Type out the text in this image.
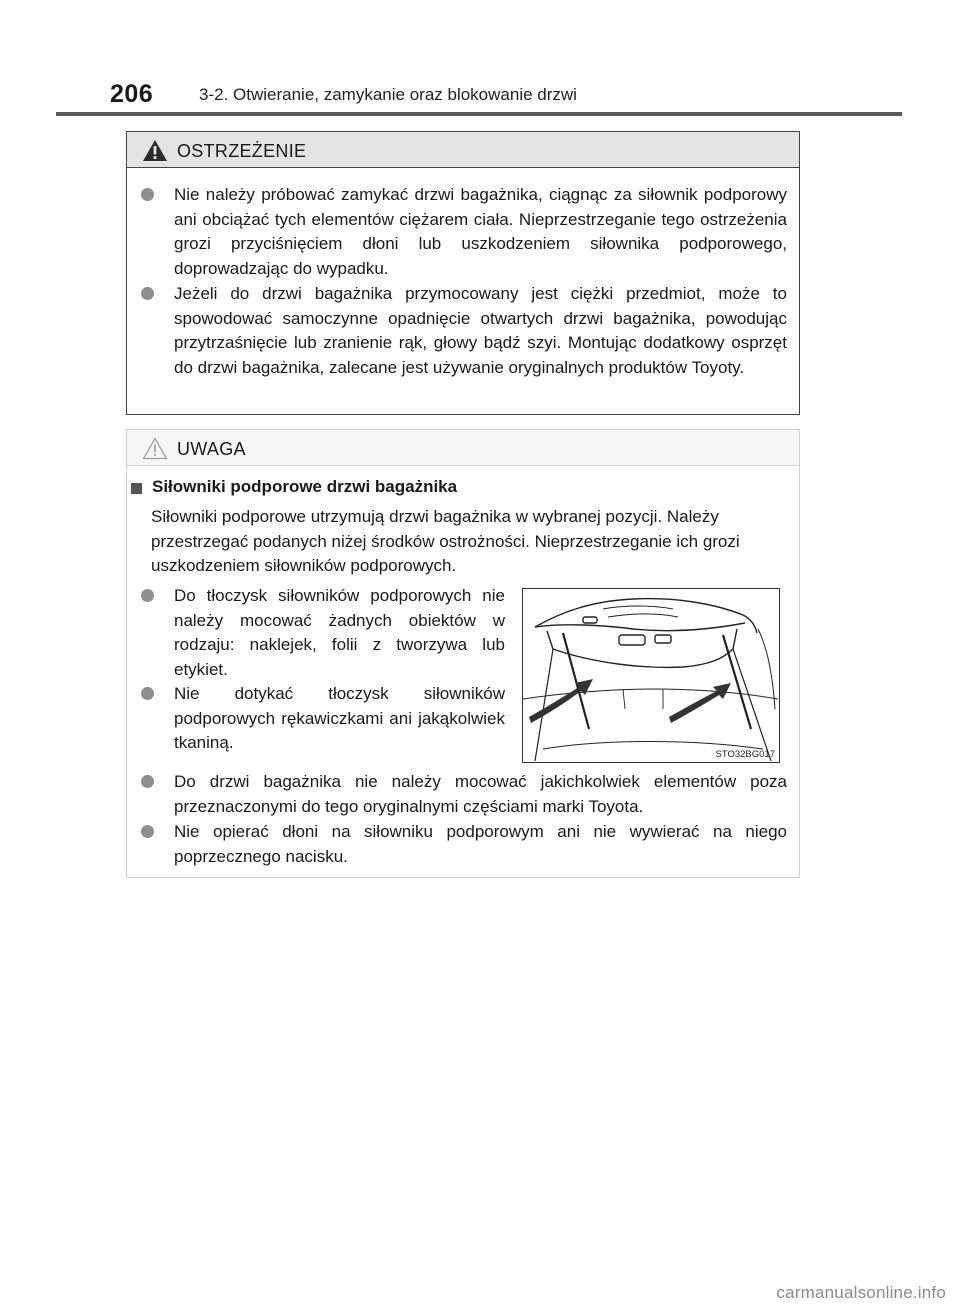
206	3-2. Otwieranie, zamykanie oraz blokowanie drzwi
OSTRZEŻENIE
Nie należy próbować zamykać drzwi bagażnika, ciągnąc za siłownik podporowy ani obciążać tych elementów ciężarem ciała. Nieprzestrzeganie tego ostrzeżenia grozi przyciśnięciem dłoni lub uszkodzeniem siłownika podporowego, doprowadzając do wypadku.
Jeżeli do drzwi bagażnika przymocowany jest ciężki przedmiot, może to spowodować samoczynne opadnięcie otwartych drzwi bagażnika, powodując przytrzaśnięcie lub zranienie rąk, głowy bądź szyi. Montując dodatkowy osprzęt do drzwi bagażnika, zalecane jest używanie oryginalnych produktów Toyoty.
UWAGA
Siłowniki podporowe drzwi bagażnika
Siłowniki podporowe utrzymują drzwi bagażnika w wybranej pozycji. Należy przestrzegać podanych niżej środków ostrożności. Nieprzestrzeganie ich grozi uszkodzeniem siłowników podporowych.
Do tłoczysk siłowników podporowych nie należy mocować żadnych obiektów w rodzaju: naklejek, folii z tworzywa lub etykiet.
Nie dotykać tłoczysk siłowników podporowych rękawiczkami ani jakąkolwiek tkaniną.
STO32BG017
Do drzwi bagażnika nie należy mocować jakichkolwiek elementów poza przeznaczonymi do tego oryginalnymi częściami marki Toyota.
Nie opierać dłoni na siłowniku podporowym ani nie wywierać na niego poprzecznego nacisku.
carmanualsonline.info
